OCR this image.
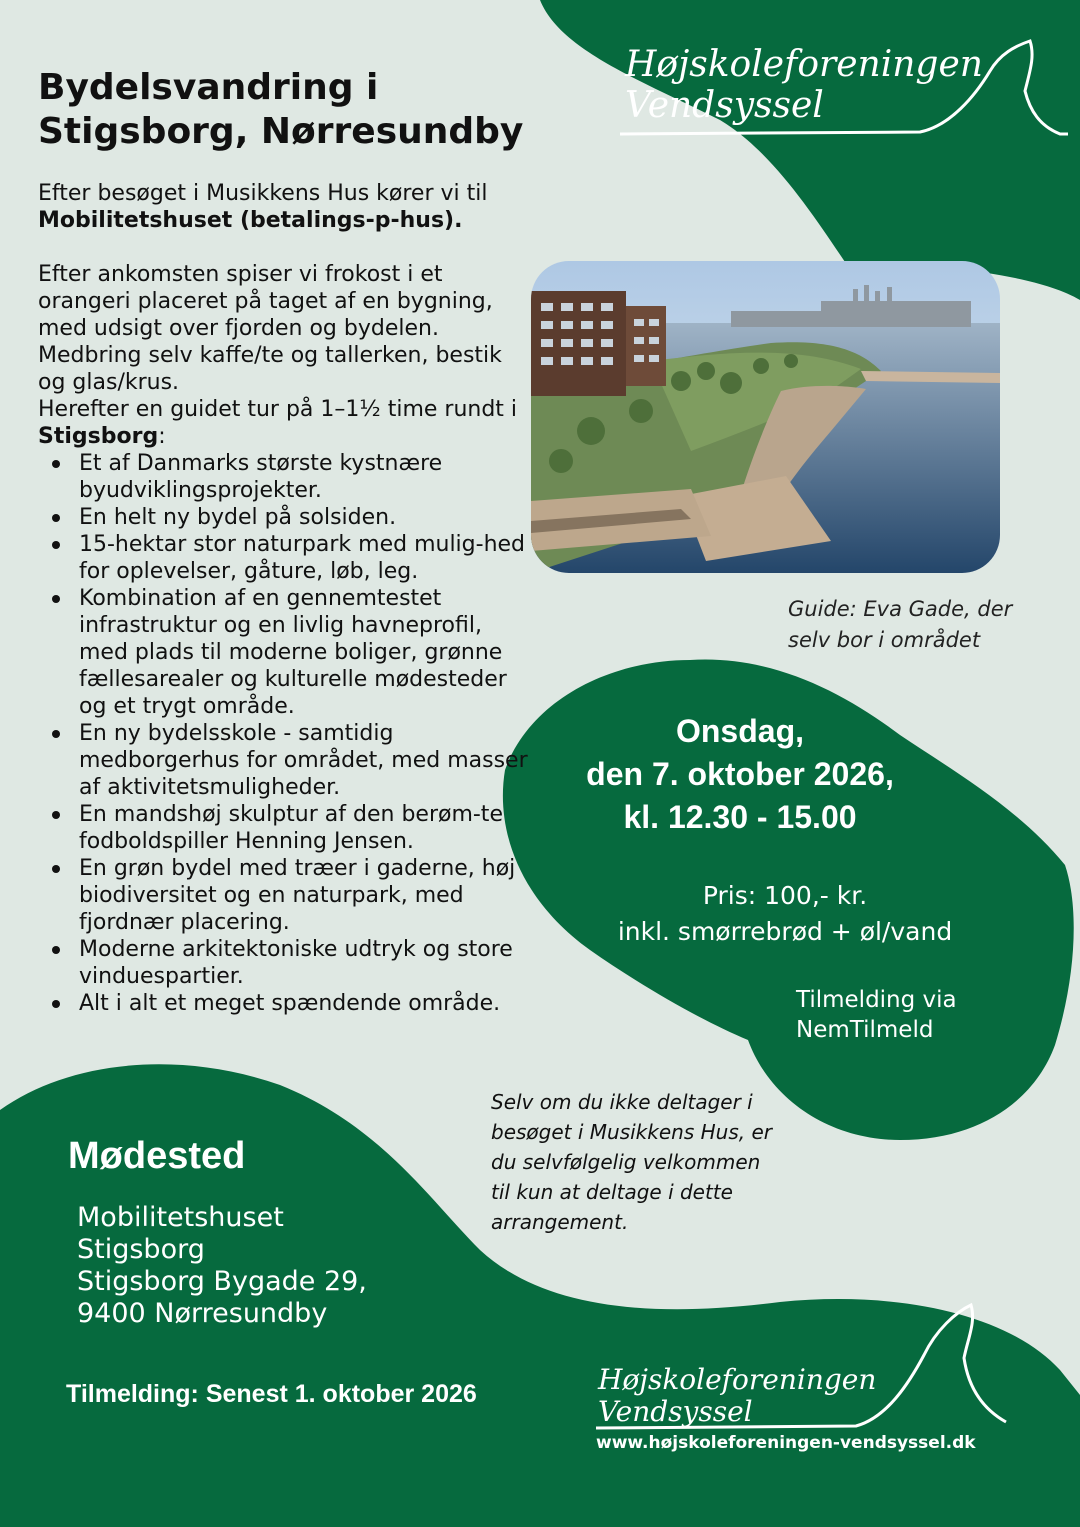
Bydelsvandring i
Stigsborg, Nørresundby

Efter besøget i Musikkens Hus kører vi til
Mobilitetshuset (betalings-p-hus).

Efter ankomsten spiser vi frokost i et orangeri placeret på taget af en bygning, med udsigt over fjorden og bydelen. Medbring selv kaffe/te og tallerken, bestik og glas/krus.

Herefter en guidet tur på 1–1½ time rundt i Stigsborg:

Et af Danmarks største kystnære byudviklingsprojekter.
En helt ny bydel på solsiden.
15-hektar stor naturpark med mulig-hed for oplevelser, gåture, løb, leg.
Kombination af en gennemtestet infrastruktur og en livlig havneprofil, med plads til moderne boliger, grønne fællesarealer og kulturelle mødesteder og et trygt område.
En ny bydelsskole - samtidig medborgerhus for området, med masser af aktivitetsmuligheder.
En mandshøj skulptur af den berøm-te fodboldspiller Henning Jensen.
En grøn bydel med træer i gaderne, høj biodiversitet og en naturpark, med fjordnær placering.
Moderne arkitektoniske udtryk og store vinduespartier.
Alt i alt et meget spændende område.
Guide: Eva Gade, der
selv bor i området
Onsdag,
den 7. oktober 2026,
kl. 12.30 - 15.00
Pris: 100,- kr.
inkl. smørrebrød + øl/vand
Tilmelding via
NemTilmeld
Selv om du ikke deltager i
besøget i Musikkens Hus, er
du selvfølgelig velkommen
til kun at deltage i dette
arrangement.
Mødested
Mobilitetshuset
Stigsborg
Stigsborg Bygade 29,
9400 Nørresundby
Tilmelding: Senest 1. oktober 2026
Højskoleforeningen
Vendsyssel
Højskoleforeningen
Vendsyssel
www.højskoleforeningen-vendsyssel.dk
